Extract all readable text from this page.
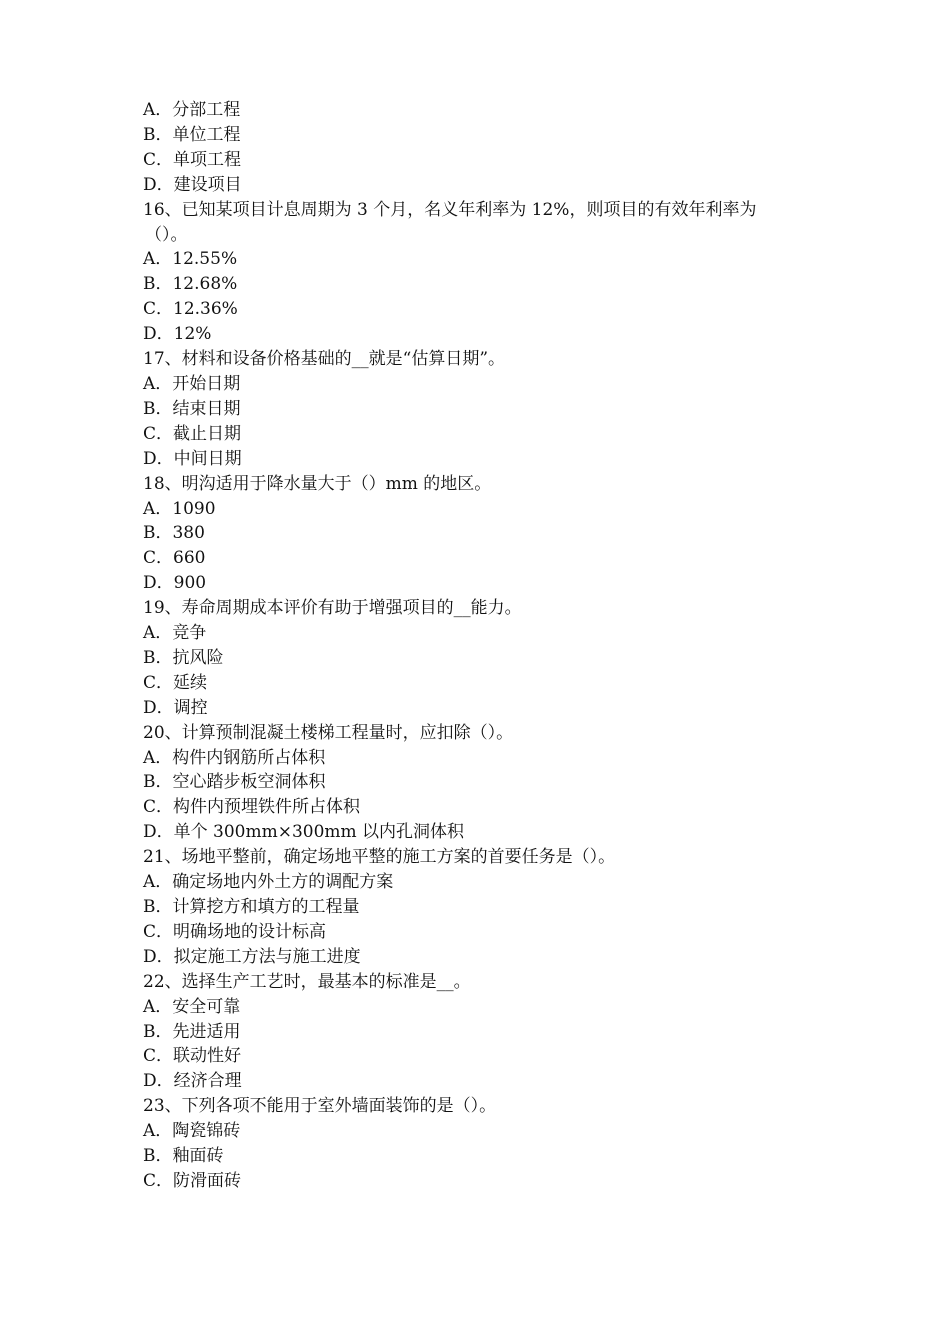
A．分部工程
B．单位工程
C．单项工程
D．建设项目
16、已知某项目计息周期为 3 个月，名义年利率为 12%，则项目的有效年利率为
（）。
A．12.55%
B．12.68%
C．12.36%
D．12%
17、材料和设备价格基础的__就是“估算日期”。
A．开始日期
B．结束日期
C．截止日期
D．中间日期
18、明沟适用于降水量大于（）mm 的地区。
A．1090
B．380
C．660
D．900
19、寿命周期成本评价有助于增强项目的__能力。
A．竞争
B．抗风险
C．延续
D．调控
20、计算预制混凝土楼梯工程量时，应扣除（）。
A．构件内钢筋所占体积
B．空心踏步板空洞体积
C．构件内预埋铁件所占体积
D．单个 300mm×300mm 以内孔洞体积
21、场地平整前，确定场地平整的施工方案的首要任务是（）。
A．确定场地内外土方的调配方案
B．计算挖方和填方的工程量
C．明确场地的设计标高
D．拟定施工方法与施工进度
22、选择生产工艺时，最基本的标准是__。
A．安全可靠
B．先进适用
C．联动性好
D．经济合理
23、下列各项不能用于室外墙面装饰的是（）。
A．陶瓷锦砖
B．釉面砖
C．防滑面砖
